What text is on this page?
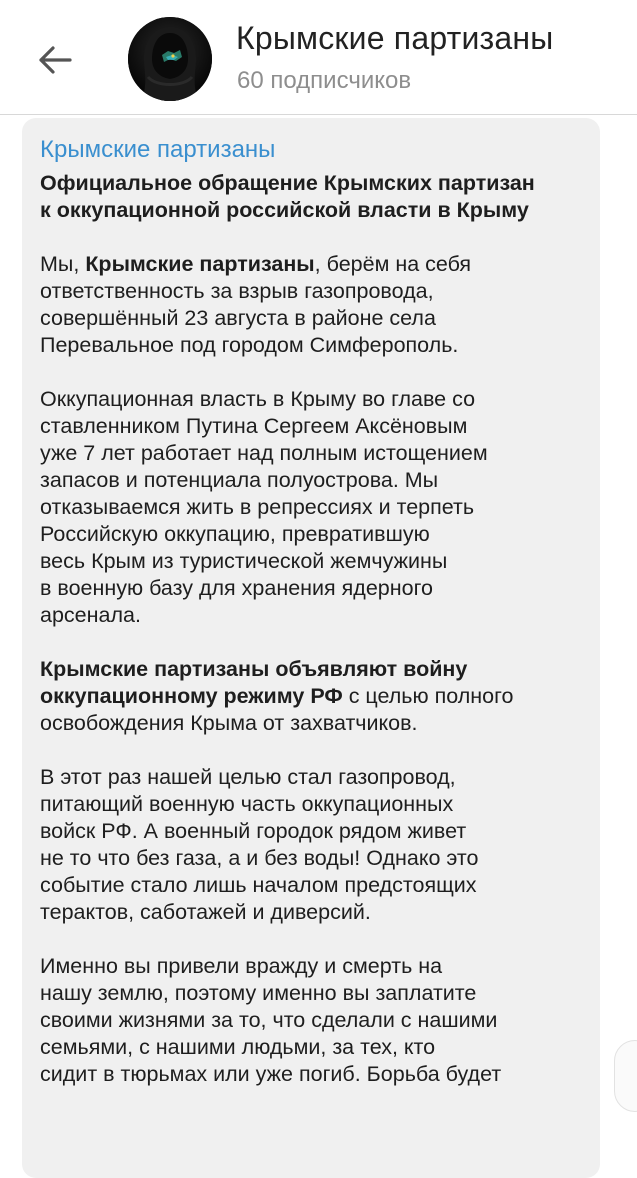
Крымские партизаны
60 подписчиков
Крымские партизаны

Официальное обращение Крымских партизан
к оккупационной российской власти в Крыму

Мы, Крымские партизаны, берём на себя
ответственность за взрыв газопровода,
совершённый 23 августа в районе села
Перевальное под городом Симферополь.

Оккупационная власть в Крыму во главе со
ставленником Путина Сергеем Аксёновым
уже 7 лет работает над полным истощением
запасов и потенциала полуострова. Мы
отказываемся жить в репрессиях и терпеть
Российскую оккупацию, превратившую
весь Крым из туристической жемчужины
в военную базу для хранения ядерного
арсенала.

Крымские партизаны объявляют войну
оккупационному режиму РФ с целью полного
освобождения Крыма от захватчиков.

В этот раз нашей целью стал газопровод,
питающий военную часть оккупационных
войск РФ. А военный городок рядом живет
не то что без газа, а и без воды! Однако это
событие стало лишь началом предстоящих
терактов, саботажей и диверсий.

Именно вы привели вражду и смерть на
нашу землю, поэтому именно вы заплатите
своими жизнями за то, что сделали с нашими
семьями, с нашими людьми, за тех, кто
сидит в тюрьмах или уже погиб. Борьба будет
